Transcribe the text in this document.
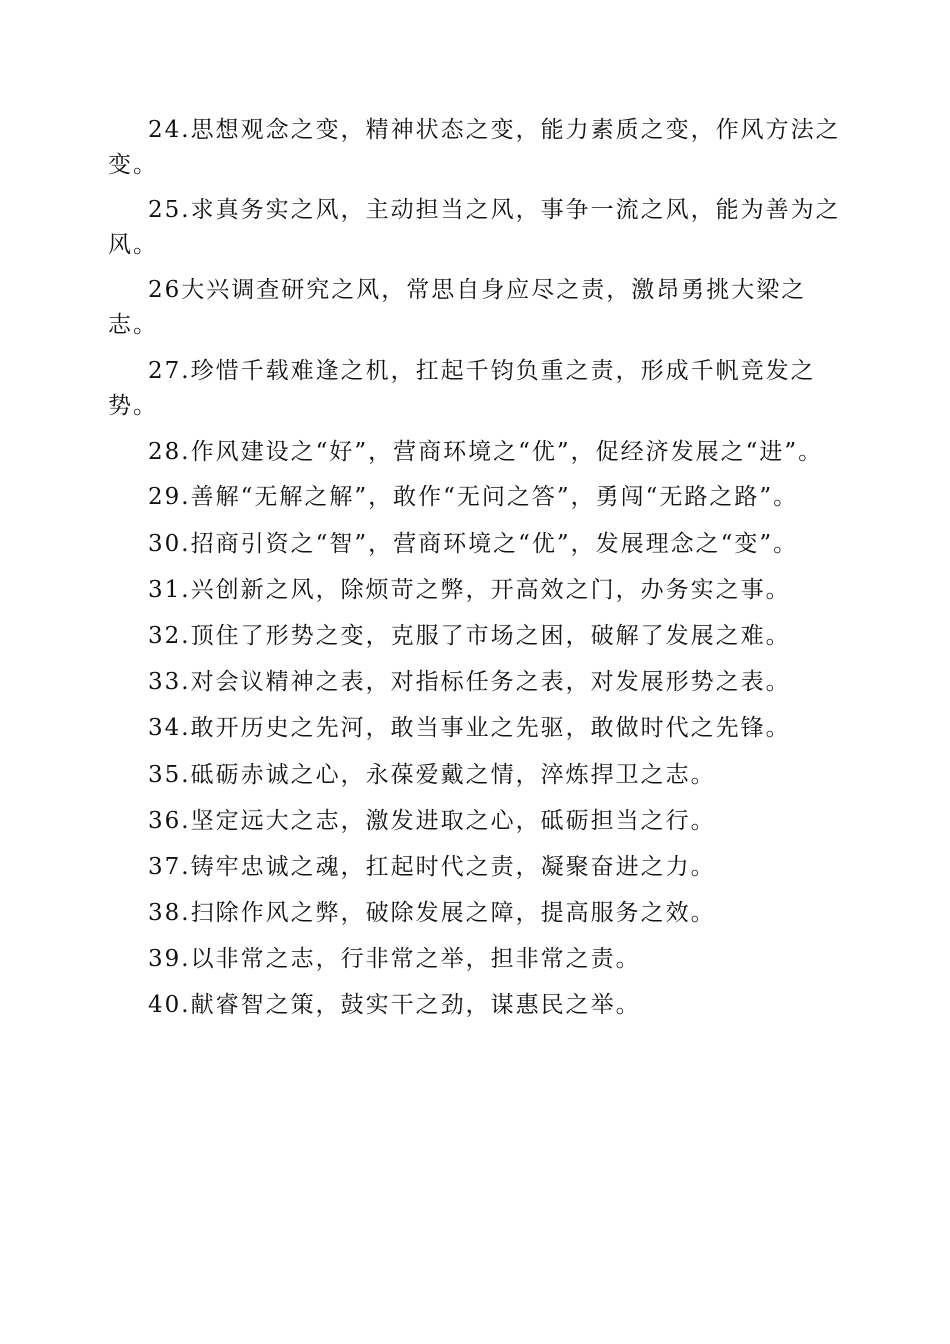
24.思想观念之变，精神状态之变，能力素质之变，作风方法之变。

25.求真务实之风，主动担当之风，事争一流之风，能为善为之风。

26大兴调查研究之风，常思自身应尽之责，激昂勇挑大梁之志。

27.珍惜千载难逢之机，扛起千钧负重之责，形成千帆竞发之势。

28.作风建设之“好”，营商环境之“优”，促经济发展之“进”。

29.善解“无解之解”，敢作“无问之答”，勇闯“无路之路”。

30.招商引资之“智”，营商环境之“优”，发展理念之“变”。

31.兴创新之风，除烦苛之弊，开高效之门，办务实之事。

32.顶住了形势之变，克服了市场之困，破解了发展之难。

33.对会议精神之表，对指标任务之表，对发展形势之表。

34.敢开历史之先河，敢当事业之先驱，敢做时代之先锋。

35.砥砺赤诚之心，永葆爱戴之情，淬炼捍卫之志。

36.坚定远大之志，激发进取之心，砥砺担当之行。

37.铸牢忠诚之魂，扛起时代之责，凝聚奋进之力。

38.扫除作风之弊，破除发展之障，提高服务之效。

39.以非常之志，行非常之举，担非常之责。

40.献睿智之策，鼓实干之劲，谋惠民之举。
